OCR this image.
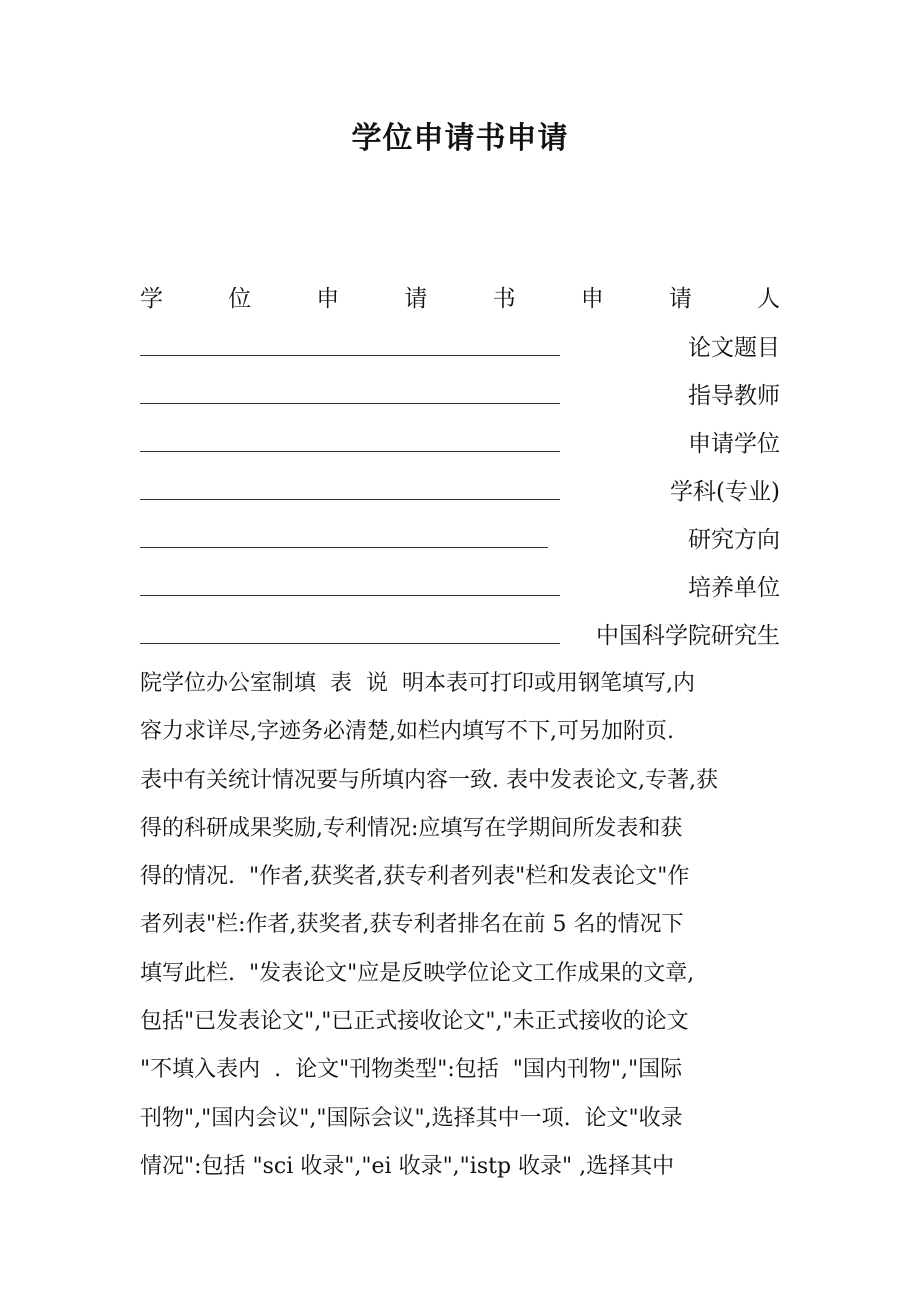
学位申请书申请
学	位	申	请	书	申	请	人
论文题目
指导教师
申请学位
学科(专业)
研究方向
培养单位
中国科学院研究生
院学位办公室制填  表  说  明本表可打印或用钢笔填写,内
容力求详尽,字迹务必清楚,如栏内填写不下,可另加附页.
表中有关统计情况要与所填内容一致. 表中发表论文,专著,获
得的科研成果奖励,专利情况:应填写在学期间所发表和获
得的情况.  "作者,获奖者,获专利者列表"栏和发表论文"作
者列表"栏:作者,获奖者,获专利者排名在前 5 名的情况下
填写此栏.  "发表论文"应是反映学位论文工作成果的文章,
包括"已发表论文","已正式接收论文","未正式接收的论文
"不填入表内  .  论文"刊物类型":包括  "国内刊物","国际
刊物","国内会议","国际会议",选择其中一项.  论文"收录
情况":包括 "sci 收录","ei 收录","istp 收录" ,选择其中
